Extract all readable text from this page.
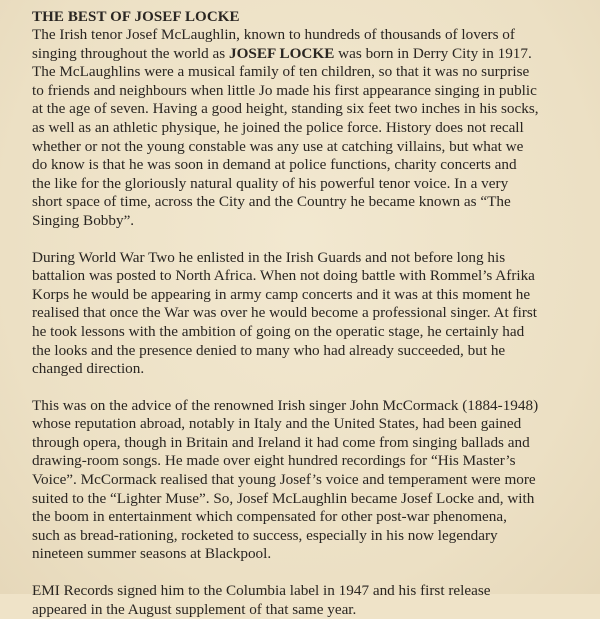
THE BEST OF JOSEF LOCKE
The Irish tenor Josef McLaughlin, known to hundreds of thousands of lovers of
singing throughout the world as JOSEF LOCKE was born in Derry City in 1917.
The McLaughlins were a musical family of ten children, so that it was no surprise
to friends and neighbours when little Jo made his first appearance singing in public
at the age of seven. Having a good height, standing six feet two inches in his socks,
as well as an athletic physique, he joined the police force. History does not recall
whether or not the young constable was any use at catching villains, but what we
do know is that he was soon in demand at police functions, charity concerts and
the like for the gloriously natural quality of his powerful tenor voice. In a very
short space of time, across the City and the Country he became known as “The
Singing Bobby”.
During World War Two he enlisted in the Irish Guards and not before long his
battalion was posted to North Africa. When not doing battle with Rommel’s Afrika
Korps he would be appearing in army camp concerts and it was at this moment he
realised that once the War was over he would become a professional singer. At first
he took lessons with the ambition of going on the operatic stage, he certainly had
the looks and the presence denied to many who had already succeeded, but he
changed direction.
This was on the advice of the renowned Irish singer John McCormack (1884-1948)
whose reputation abroad, notably in Italy and the United States, had been gained
through opera, though in Britain and Ireland it had come from singing ballads and
drawing-room songs. He made over eight hundred recordings for “His Master’s
Voice”. McCormack realised that young Josef’s voice and temperament were more
suited to the “Lighter Muse”. So, Josef McLaughlin became Josef Locke and, with
the boom in entertainment which compensated for other post-war phenomena,
such as bread-rationing, rocketed to success, especially in his now legendary
nineteen summer seasons at Blackpool.
EMI Records signed him to the Columbia label in 1947 and his first release
appeared in the August supplement of that same year.
